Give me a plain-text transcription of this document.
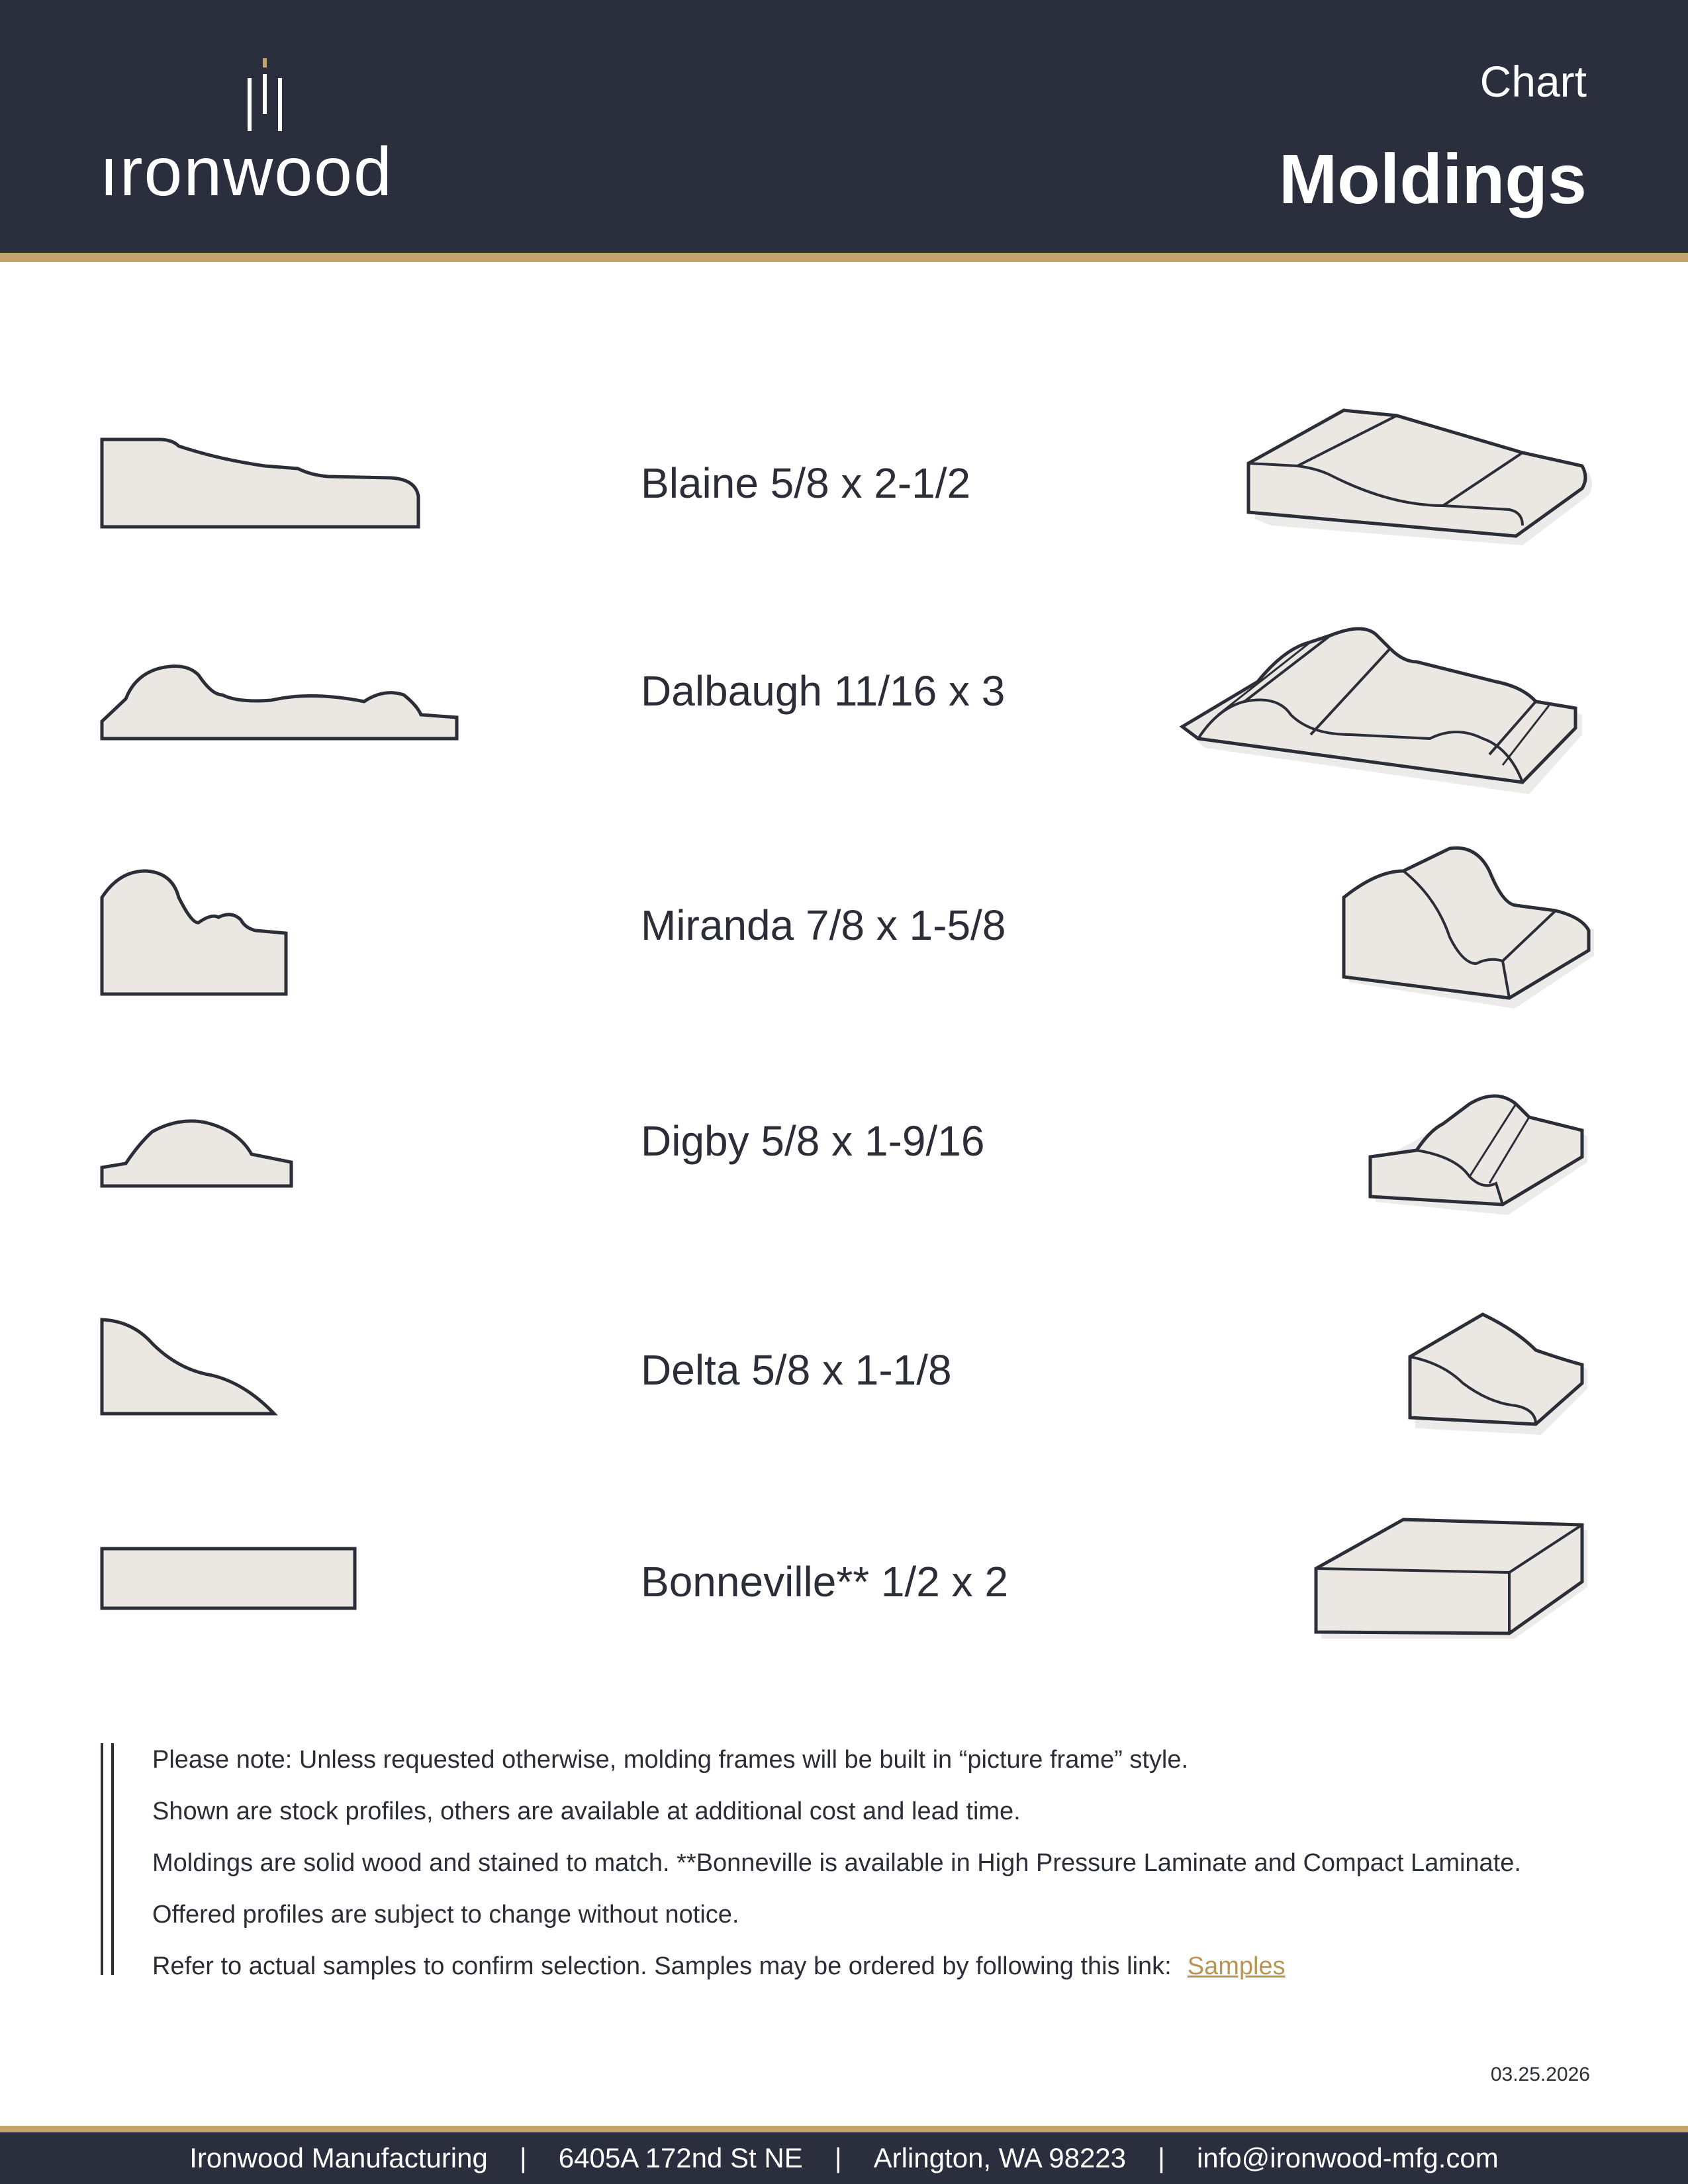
ıronwood
Chart
Moldings
Blaine 5/8 x 2-1/2
Dalbaugh 11/16 x 3
Miranda 7/8 x 1-5/8
Digby 5/8 x 1-9/16
Delta 5/8 x 1-1/8
Bonneville** 1/2 x 2
Please note: Unless requested otherwise, molding frames will be built in “picture frame” style.
Shown are stock profiles, others are available at additional cost and lead time.
Moldings are solid wood and stained to match. **Bonneville is available in High Pressure Laminate and Compact Laminate.
Offered profiles are subject to change without notice.
Refer to actual samples to confirm selection. Samples may be ordered by following this link: Samples
03.25.2026
Ironwood Manufacturing | 6405A 172nd St NE | Arlington, WA 98223 | info@ironwood-mfg.com
